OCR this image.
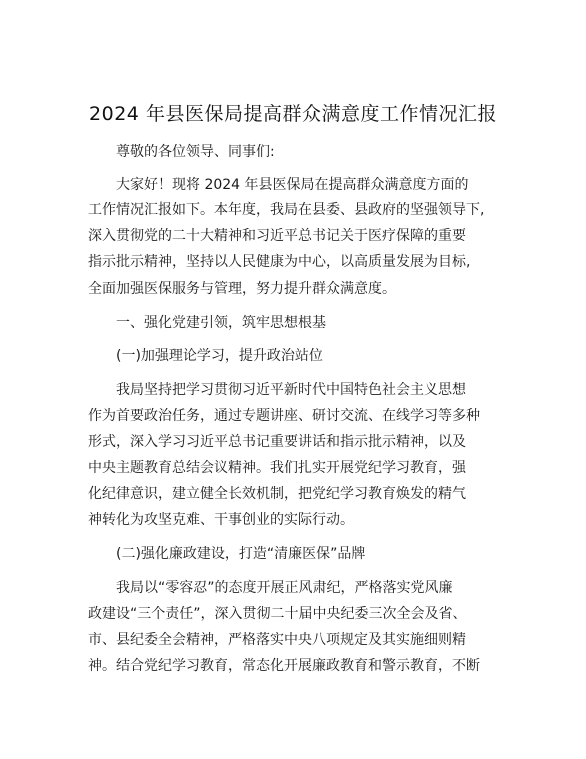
2024 年县医保局提高群众满意度工作情况汇报

尊敬的各位领导、同事们:

大家好！现将 2024 年县医保局在提高群众满意度方面的

工作情况汇报如下。本年度，我局在县委、县政府的坚强领导下,

深入贯彻党的二十大精神和习近平总书记关于医疗保障的重要

指示批示精神，坚持以人民健康为中心，以高质量发展为目标,

全面加强医保服务与管理，努力提升群众满意度。

一、强化党建引领，筑牢思想根基

(一)加强理论学习，提升政治站位

我局坚持把学习贯彻习近平新时代中国特色社会主义思想

作为首要政治任务，通过专题讲座、研讨交流、在线学习等多种

形式，深入学习习近平总书记重要讲话和指示批示精神，以及

中央主题教育总结会议精神。我们扎实开展党纪学习教育，强

化纪律意识，建立健全长效机制，把党纪学习教育焕发的精气

神转化为攻坚克难、干事创业的实际行动。

(二)强化廉政建设，打造“清廉医保”品牌

我局以“零容忍”的态度开展正风肃纪，严格落实党风廉

政建设“三个责任”，深入贯彻二十届中央纪委三次全会及省、

市、县纪委全会精神，严格落实中央八项规定及其实施细则精

神。结合党纪学习教育，常态化开展廉政教育和警示教育，不断
